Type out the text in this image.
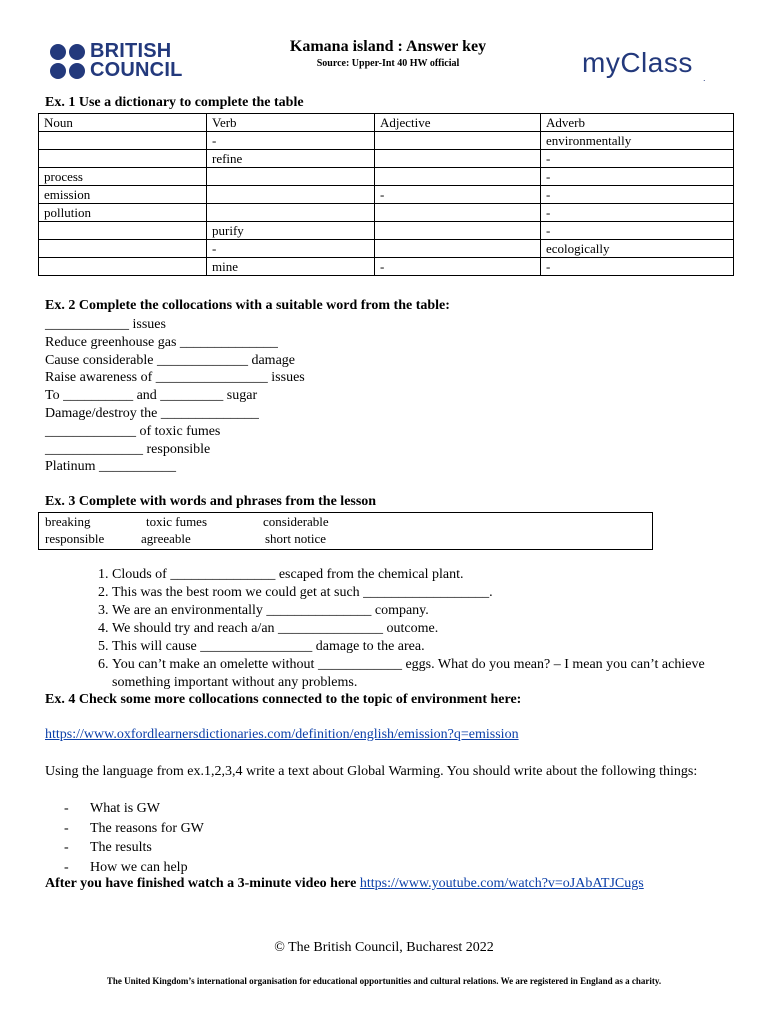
BRITISH
COUNCIL
Kamana island : Answer key
Source: Upper-Int 40 HW official	myClass .
Ex. 1 Use a dictionary to complete the table
Noun	Verb	Adjective	Adverb
	-		environmentally
	refine		-
process			-
emission		-	-
pollution			-
	purify		-
	-		ecologically
	mine	-	-
Ex. 2 Complete the collocations with a suitable word from the table:
____________ issues
Reduce greenhouse gas ______________
Cause considerable _____________ damage
Raise awareness of ________________ issues
To __________ and _________ sugar
Damage/destroy the ______________
_____________ of toxic fumes
______________ responsible
Platinum ___________
Ex. 3 Complete with words and phrases from the lesson
breaking	toxic fumes	considerable
responsible	agreeable	short notice
1. Clouds of _______________ escaped from the chemical plant.
2. This was the best room we could get at such __________________.
3. We are an environmentally _______________ company.
4. We should try and reach a/an _______________ outcome.
5. This will cause ________________ damage to the area.
6. You can’t make an omelette without ____________ eggs. What do you mean? – I mean you can’t achieve something important without any problems.
Ex. 4 Check some more collocations connected to the topic of environment here:
https://www.oxfordlearnersdictionaries.com/definition/english/emission?q=emission
Using the language from ex.1,2,3,4 write a text about Global Warming. You should write about the following things:
- What is GW
- The reasons for GW
- The results
- How we can help
After you have finished watch a 3-minute video here https://www.youtube.com/watch?v=oJAbATJCugs
© The British Council, Bucharest 2022
The United Kingdom’s international organisation for educational opportunities and cultural relations. We are registered in England as a charity.
